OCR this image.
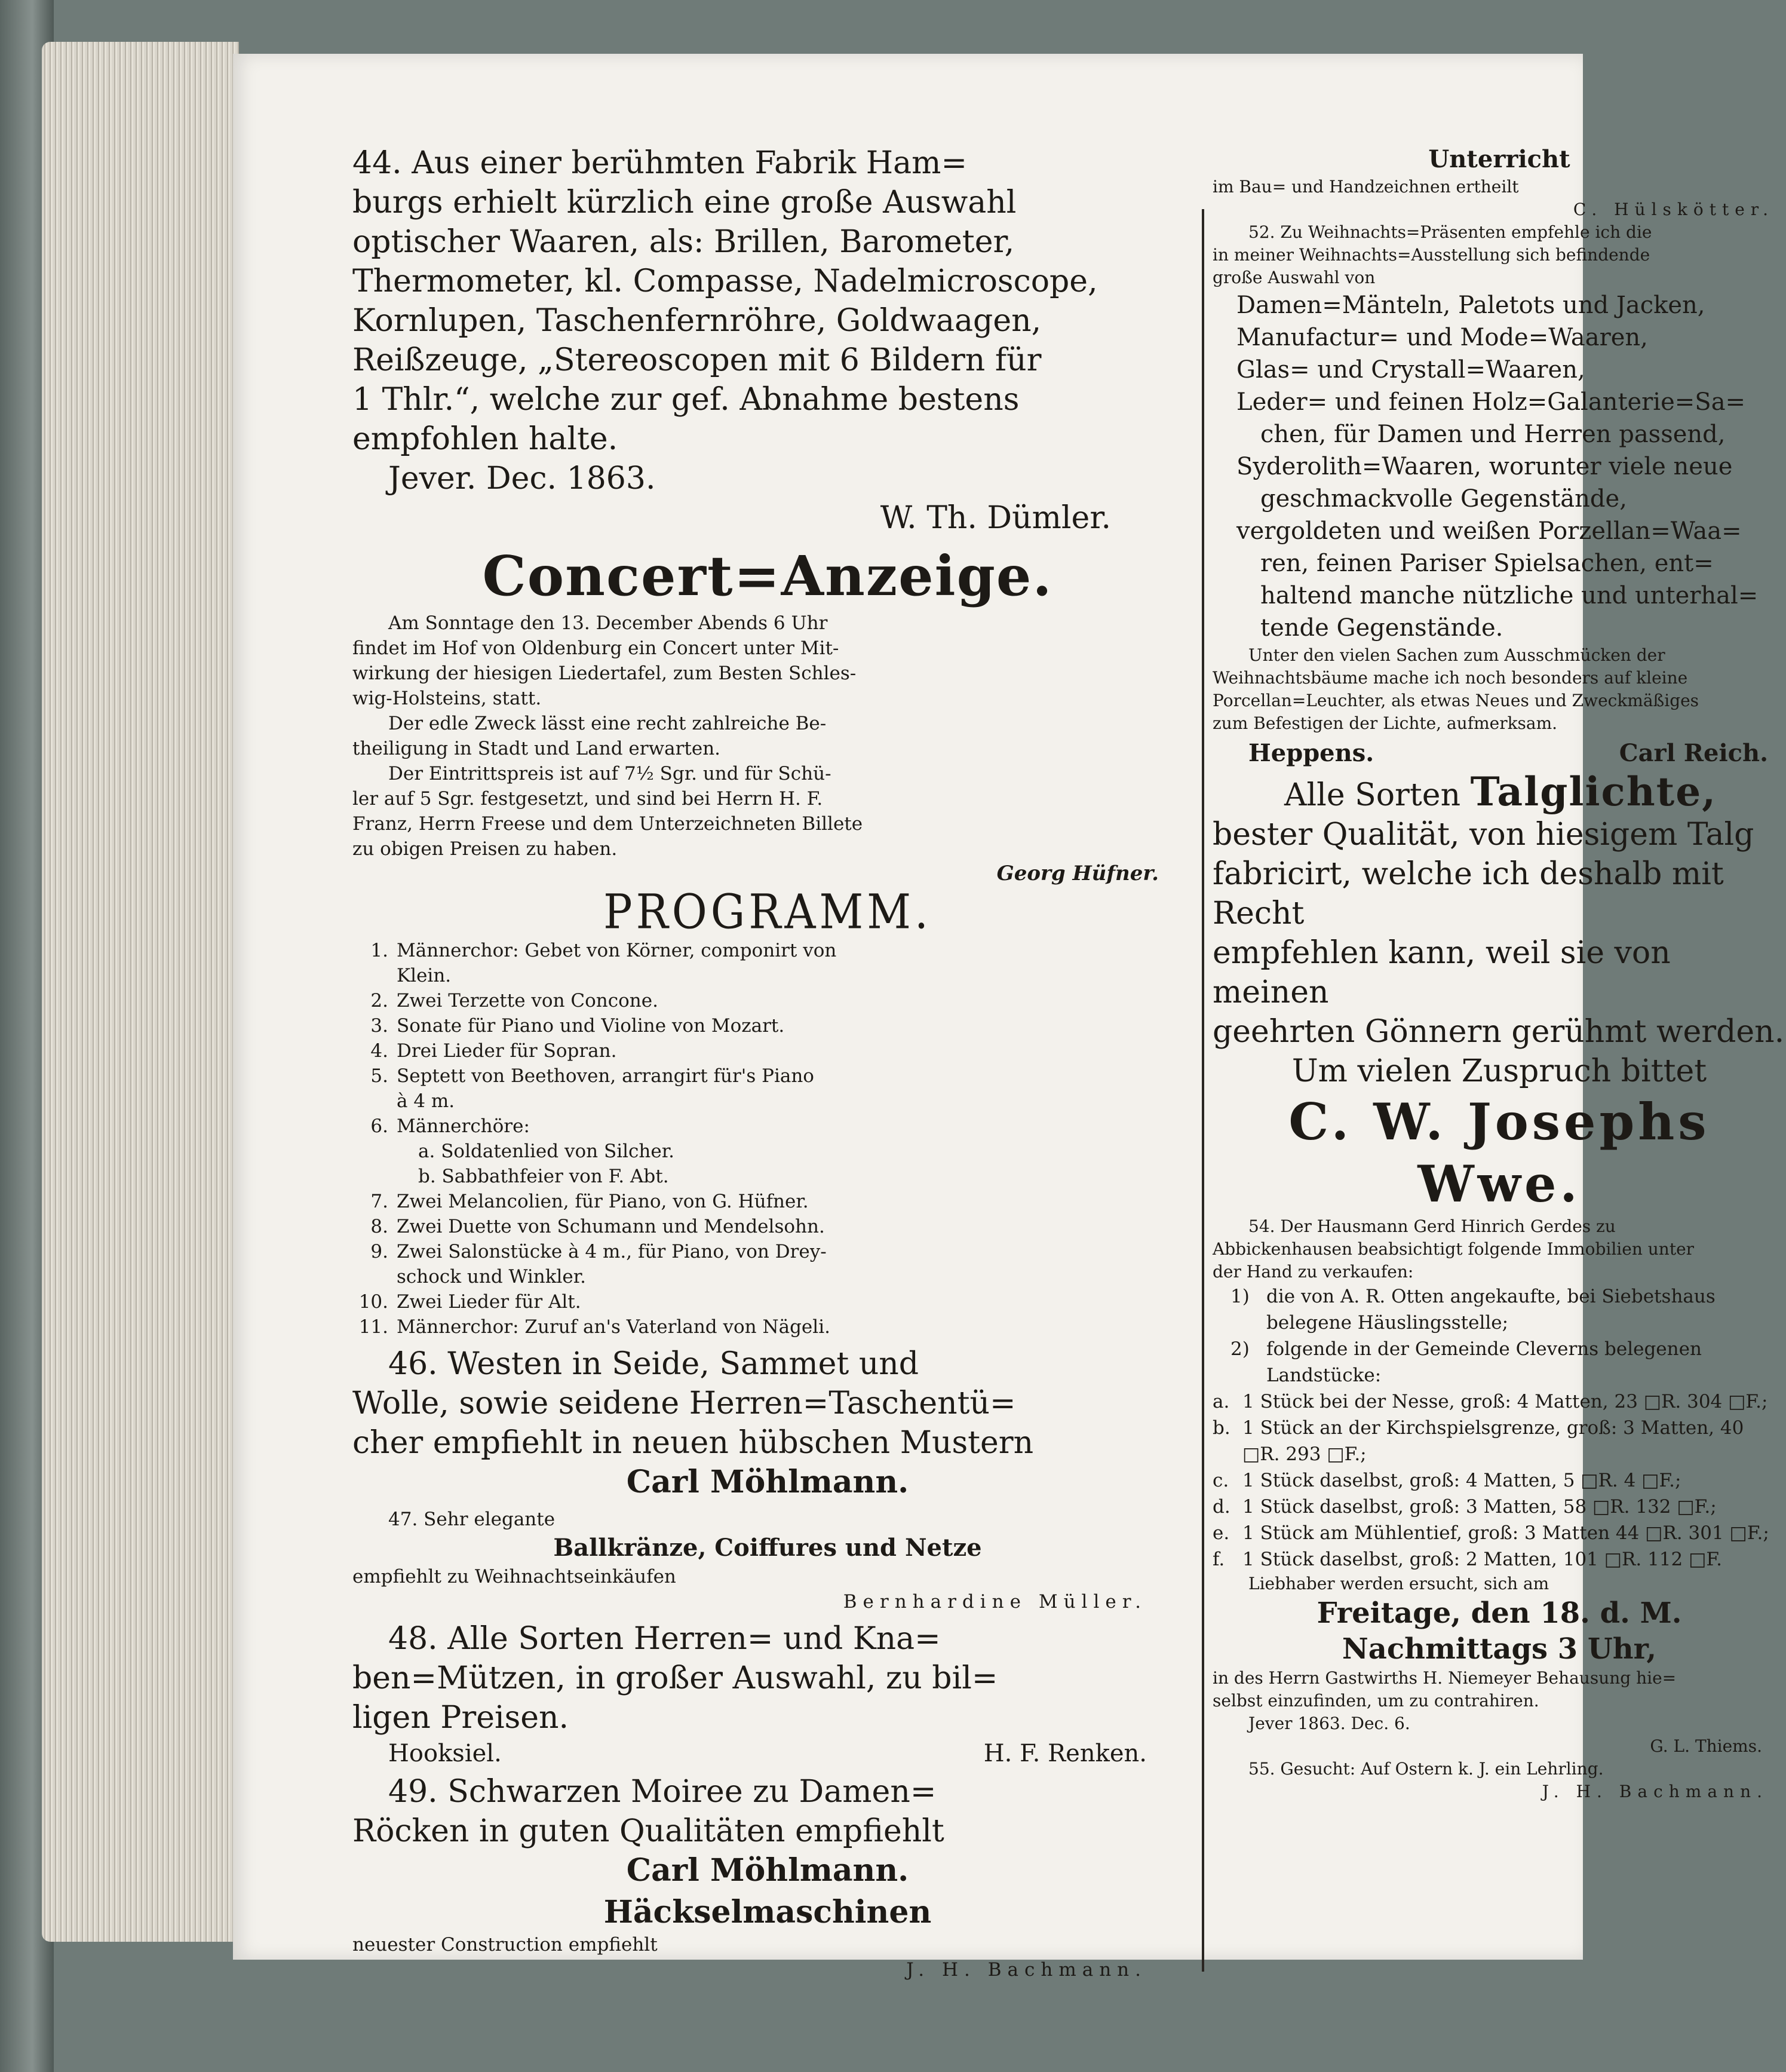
44. Aus einer berühmten Fabrik Ham=

burgs erhielt kürzlich eine große Auswahl

optischer Waaren, als: Brillen, Barometer,

Thermometer, kl. Compasse, Nadelmicroscope,

Kornlupen, Taschenfernröhre, Goldwaagen,

Reißzeuge, „Stereoscopen mit 6 Bildern für

1 Thlr.“, welche zur gef. Abnahme bestens

empfohlen halte.

Jever. Dec. 1863.

W. Th. Dümler.

Concert=Anzeige.

Am Sonntage den 13. December Abends 6 Uhr

findet im Hof von Oldenburg ein Concert unter Mit-

wirkung der hiesigen Liedertafel, zum Besten Schles-

wig-Holsteins, statt.

Der edle Zweck lässt eine recht zahlreiche Be-

theiligung in Stadt und Land erwarten.

Der Eintrittspreis ist auf 7½ Sgr. und für Schü-

ler auf 5 Sgr. festgesetzt, und sind bei Herrn H. F.

Franz, Herrn Freese und dem Unterzeichneten Billete

zu obigen Preisen zu haben.

Georg Hüfner.

PROGRAMM.

1. Männerchor: Gebet von Körner, componirt von
Klein.
2. Zwei Terzette von Concone.
3. Sonate für Piano und Violine von Mozart.
4. Drei Lieder für Sopran.
5. Septett von Beethoven, arrangirt für's Piano
à 4 m.
6. Männerchöre:
a. Soldatenlied von Silcher.
b. Sabbathfeier von F. Abt.
7. Zwei Melancolien, für Piano, von G. Hüfner.
8. Zwei Duette von Schumann und Mendelsohn.
9. Zwei Salonstücke à 4 m., für Piano, von Drey-
schock und Winkler.
10. Zwei Lieder für Alt.
11. Männerchor: Zuruf an's Vaterland von Nägeli.

46. Westen in Seide, Sammet und

Wolle, sowie seidene Herren=Taschentü=

cher empfiehlt in neuen hübschen Mustern

Carl Möhlmann.

47. Sehr elegante

Ballkränze, Coiffures und Netze

empfiehlt zu Weihnachtseinkäufen

Bernhardine Müller.

48. Alle Sorten Herren= und Kna=

ben=Mützen, in großer Auswahl, zu bil=

ligen Preisen.

Hooksiel.	H. F. Renken.

49. Schwarzen Moiree zu Damen=

Röcken in guten Qualitäten empfiehlt

Carl Möhlmann.

Häckselmaschinen

neuester Construction empfiehlt

J. H. Bachmann.

Unterricht

im Bau= und Handzeichnen ertheilt

C. Hülskötter.

52. Zu Weihnachts=Präsenten empfehle ich die

in meiner Weihnachts=Ausstellung sich befindende

große Auswahl von

Damen=Mänteln, Paletots und Jacken,

Manufactur= und Mode=Waaren,

Glas= und Crystall=Waaren,

Leder= und feinen Holz=Galanterie=Sa=

chen, für Damen und Herren passend,

Syderolith=Waaren, worunter viele neue

geschmackvolle Gegenstände,

vergoldeten und weißen Porzellan=Waa=

ren, feinen Pariser Spielsachen, ent=

haltend manche nützliche und unterhal=

tende Gegenstände.

Unter den vielen Sachen zum Ausschmücken der

Weihnachtsbäume mache ich noch besonders auf kleine

Porcellan=Leuchter, als etwas Neues und Zweckmäßiges

zum Befestigen der Lichte, aufmerksam.

Heppens.	Carl Reich.

Alle Sorten Talglichte,

bester Qualität, von hiesigem Talg

fabricirt, welche ich deshalb mit Recht

empfehlen kann, weil sie von meinen

geehrten Gönnern gerühmt werden.

Um vielen Zuspruch bittet

C. W. Josephs Wwe.

54. Der Hausmann Gerd Hinrich Gerdes zu

Abbickenhausen beabsichtigt folgende Immobilien unter

der Hand zu verkaufen:

1) die von A. R. Otten angekaufte, bei Siebetshaus belegene Häuslingsstelle;
2) folgende in der Gemeinde Cleverns belegenen Landstücke:
a. 1 Stück bei der Nesse, groß: 4 Matten, 23 □R. 304 □F.;
b. 1 Stück an der Kirchspielsgrenze, groß: 3 Matten, 40 □R. 293 □F.;
c. 1 Stück daselbst, groß: 4 Matten, 5 □R. 4 □F.;
d. 1 Stück daselbst, groß: 3 Matten, 58 □R. 132 □F.;
e. 1 Stück am Mühlentief, groß: 3 Matten 44 □R. 301 □F.;
f. 1 Stück daselbst, groß: 2 Matten, 101 □R. 112 □F.

Liebhaber werden ersucht, sich am

Freitage, den 18. d. M.

Nachmittags 3 Uhr,

in des Herrn Gastwirths H. Niemeyer Behausung hie=

selbst einzufinden, um zu contrahiren.

Jever 1863. Dec. 6.

G. L. Thiems.

55. Gesucht: Auf Ostern k. J. ein Lehrling.

J. H. Bachmann.
